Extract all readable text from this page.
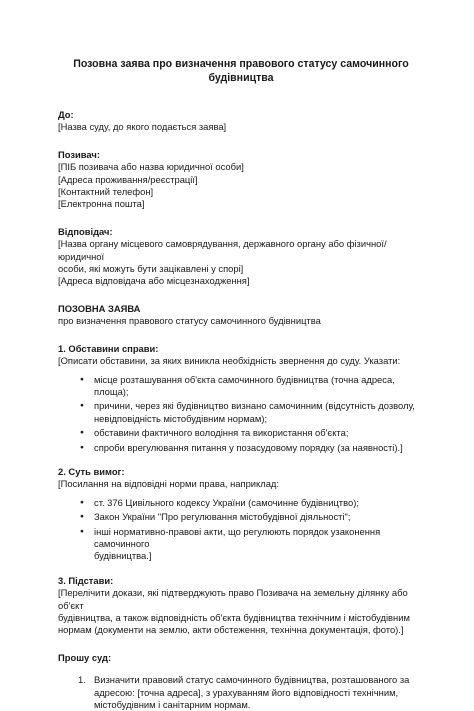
Позовна заява про визначення правового статусу самочинного
будівництва
До:
[Назва суду, до якого подається заява]
Позивач:
[ПІБ позивача або назва юридичної особи]
[Адреса проживання/реєстрації]
[Контактний телефон]
[Електронна пошта]
Відповідач:
[Назва органу місцевого самоврядування, державного органу або фізичної/юридичної
особи, які можуть бути зацікавлені у спорі]
[Адреса відповідача або місцезнаходження]
ПОЗОВНА ЗАЯВА
про визначення правового статусу самочинного будівництва
1. Обставини справи:
[Описати обставини, за яких виникла необхідність звернення до суду. Указати:
● місце розташування об'єкта самочинного будівництва (точна адреса, площа);
● причини, через які будівництво визнано самочинним (відсутність дозволу,
невідповідність містобудівним нормам);
● обставини фактичного володіння та використання об'єкта;
● спроби врегулювання питання у позасудовому порядку (за наявності).]
2. Суть вимог:
[Посилання на відповідні норми права, наприклад:
● ст. 376 Цивільного кодексу України (самочинне будівництво);
● Закон України "Про регулювання містобудівної діяльності";
● інші нормативно-правові акти, що регулюють порядок узаконення самочинного
будівництва.]
3. Підстави:
[Перелічити докази, які підтверджують право Позивача на земельну ділянку або об'єкт
будівництва, а також відповідність об'єкта будівництва технічним і містобудівним
нормам (документи на землю, акти обстеження, технічна документація, фото).]
Прошу суд:
1. Визначити правовий статус самочинного будівництва, розташованого за
адресою: [точна адреса], з урахуванням його відповідності технічним,
містобудівним і санітарним нормам.
